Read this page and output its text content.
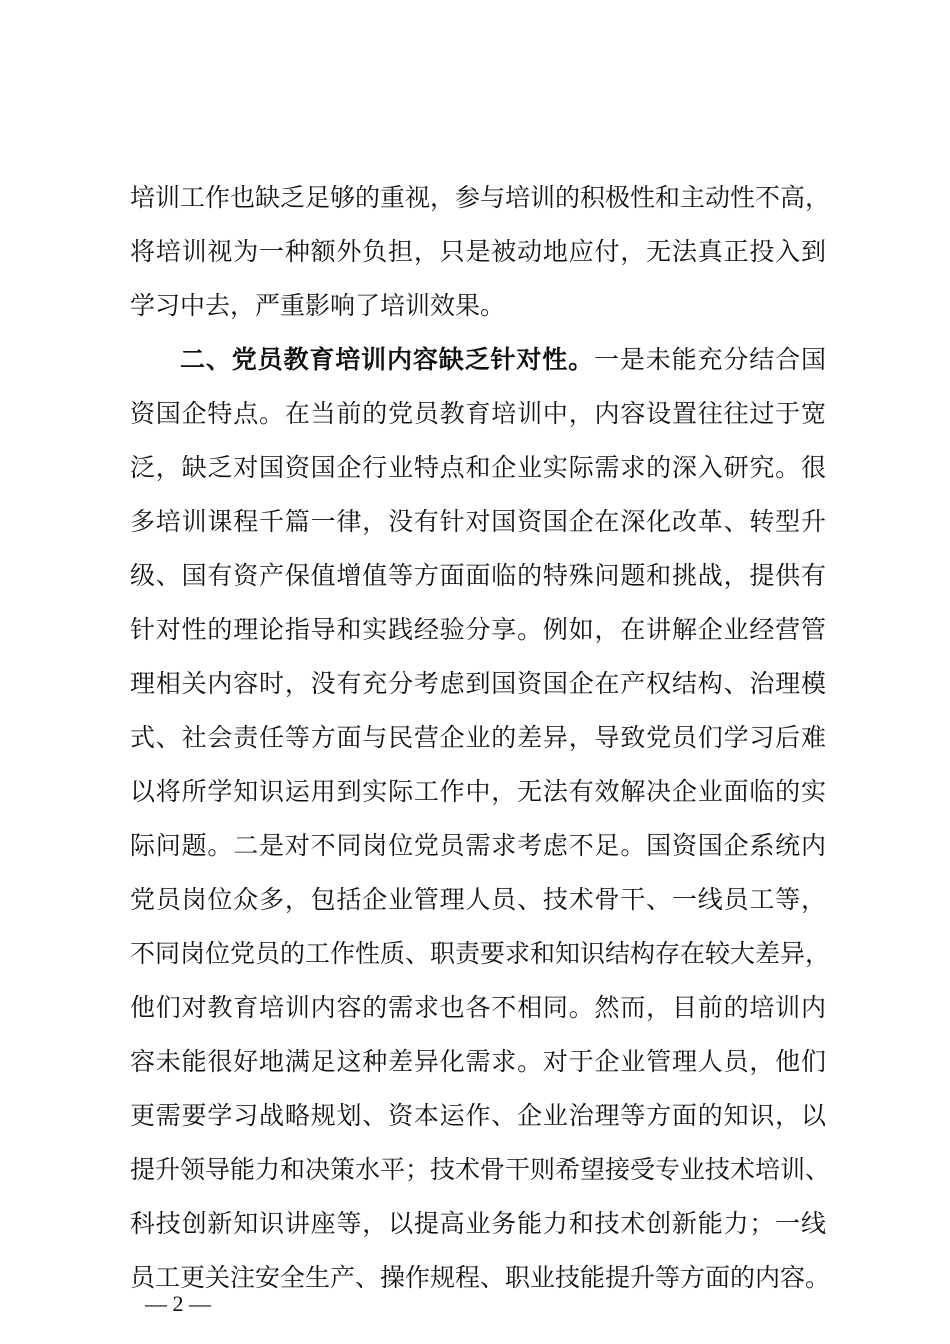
培训工作也缺乏足够的重视，参与培训的积极性和主动性不高，
将培训视为一种额外负担，只是被动地应付，无法真正投入到
学习中去，严重影响了培训效果。
二、党员教育培训内容缺乏针对性。一是未能充分结合国
资国企特点。在当前的党员教育培训中，内容设置往往过于宽
泛，缺乏对国资国企行业特点和企业实际需求的深入研究。很
多培训课程千篇一律，没有针对国资国企在深化改革、转型升
级、国有资产保值增值等方面面临的特殊问题和挑战，提供有
针对性的理论指导和实践经验分享。例如，在讲解企业经营管
理相关内容时，没有充分考虑到国资国企在产权结构、治理模
式、社会责任等方面与民营企业的差异，导致党员们学习后难
以将所学知识运用到实际工作中，无法有效解决企业面临的实
际问题。二是对不同岗位党员需求考虑不足。国资国企系统内
党员岗位众多，包括企业管理人员、技术骨干、一线员工等，
不同岗位党员的工作性质、职责要求和知识结构存在较大差异，
他们对教育培训内容的需求也各不相同。然而，目前的培训内
容未能很好地满足这种差异化需求。对于企业管理人员，他们
更需要学习战略规划、资本运作、企业治理等方面的知识，以
提升领导能力和决策水平；技术骨干则希望接受专业技术培训、
科技创新知识讲座等，以提高业务能力和技术创新能力；一线
员工更关注安全生产、操作规程、职业技能提升等方面的内容。
— 2 —
